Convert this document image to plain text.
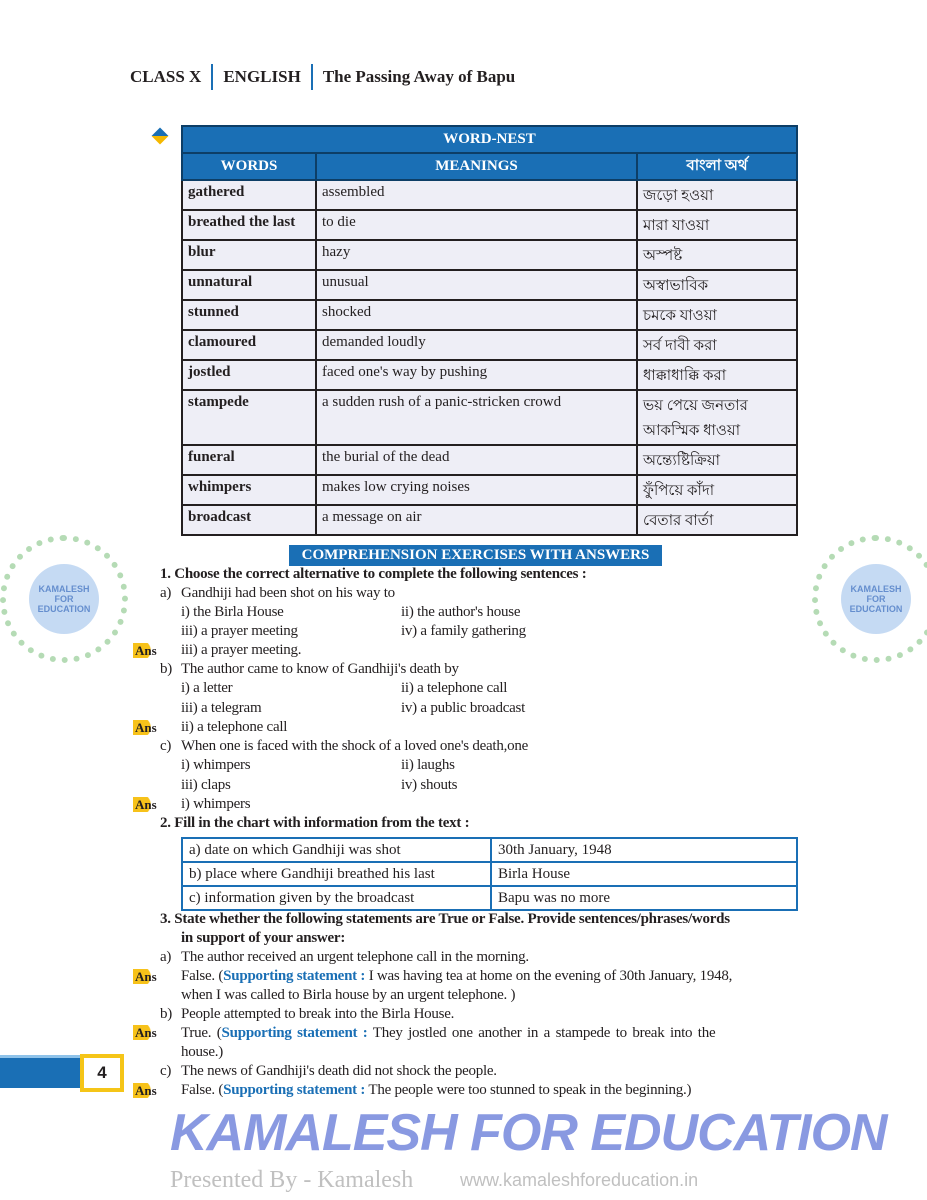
CLASS X ENGLISH The Passing Away of Bapu
WORD-NEST		
WORDS	MEANINGS	বাংলা অর্থ
gathered	assembled	জড়ো হওয়া
breathed the last	to die	মারা যাওয়া
blur	hazy	অস্পষ্ট
unnatural	unusual	অস্বাভাবিক
stunned	shocked	চমকে যাওয়া
clamoured	demanded loudly	সর্ব দাবী করা
jostled	faced one's way by pushing	ধাক্কাধাক্কি করা
stampede	a sudden rush of a panic-stricken crowd	ভয় পেয়ে জনতার
আকস্মিক ধাওয়া

funeral	the burial of the dead	অন্ত্যেষ্টিক্রিয়া
whimpers	makes low crying noises	ফুঁপিয়ে কাঁদা
broadcast	a message on air	বেতার বার্তা
KAMALESH FOR EDUCATION
KAMALESH FOR EDUCATION
COMPREHENSION EXERCISES WITH ANSWERS
1. Choose the correct alternative to complete the following sentences :
a) Gandhiji had been shot on his way to
i) the Birla House	ii) the author's house
iii) a prayer meeting	iv) a family gathering
Ans iii) a prayer meeting.
b) The author came to know of Gandhiji's death by
i) a letter	ii) a telephone call
iii) a telegram	iv) a public broadcast
Ans ii) a telephone call
c) When one is faced with the shock of a loved one's death,one
i) whimpers	ii) laughs
iii) claps	iv) shouts
Ans i) whimpers
2. Fill in the chart with information from the text :
a) date on which Gandhiji was shot	30th January, 1948
b) place where Gandhiji breathed his last	Birla House
c) information given by the broadcast	Bapu was no more
3. State whether the following statements are True or False. Provide sentences/phrases/words
in support of your answer:
a) The author received an urgent telephone call in the morning.
Ans False. (Supporting statement : I was having tea at home on the evening of 30th January, 1948,
when I was called to Birla house by an urgent telephone. )
b) People attempted to break into the Birla House.
Ans True. (Supporting statement : They jostled one another in a stampede to break into the
house.)
c) The news of Gandhiji's death did not shock the people.
Ans False. (Supporting statement : The people were too stunned to speak in the beginning.)
KAMALESH FOR EDUCATION
Presented By - Kamalesh	www.kamaleshforeducation.in
4
